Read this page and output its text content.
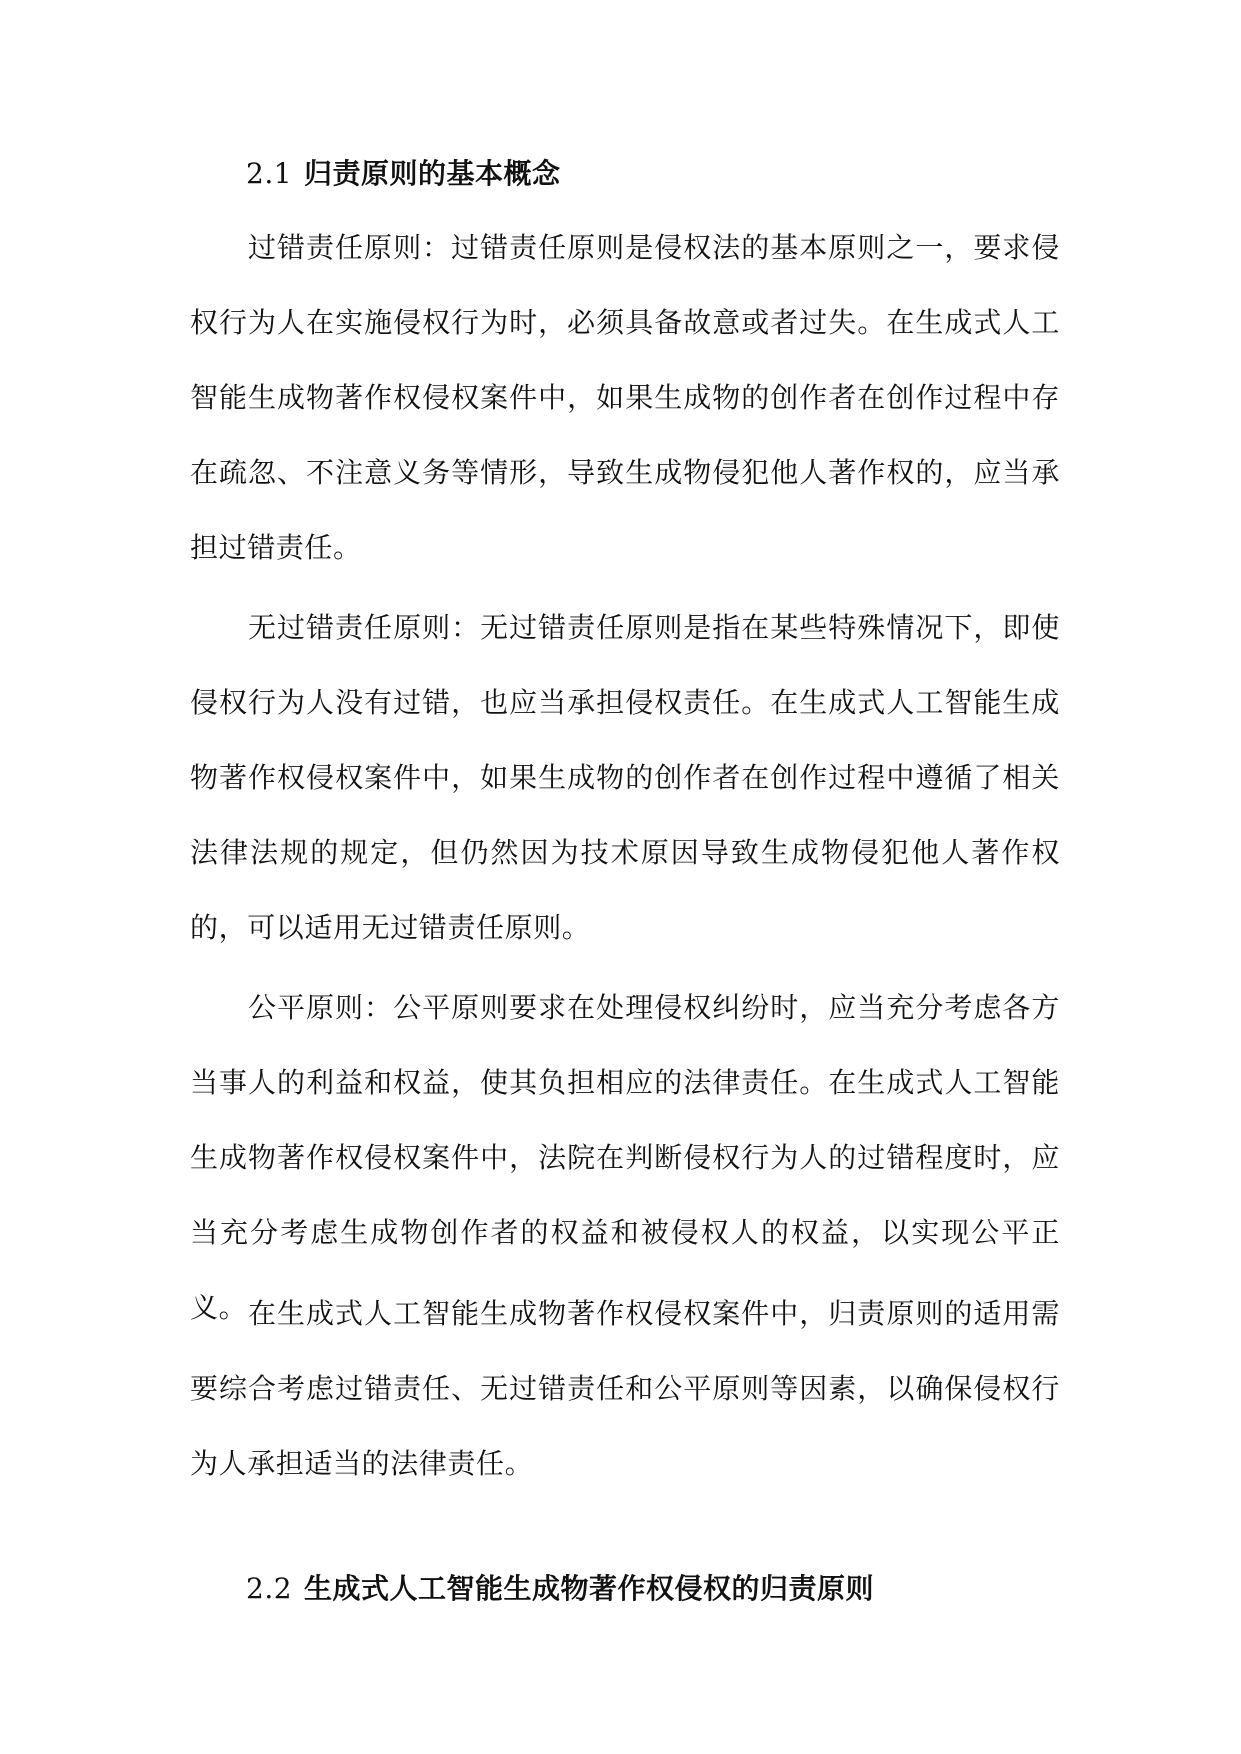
2.1 归责原则的基本概念

过错责任原则：过错责任原则是侵权法的基本原则之一，要求侵权行为人在实施侵权行为时，必须具备故意或者过失。在生成式人工智能生成物著作权侵权案件中，如果生成物的创作者在创作过程中存在疏忽、不注意义务等情形，导致生成物侵犯他人著作权的，应当承担过错责任。

无过错责任原则：无过错责任原则是指在某些特殊情况下，即使侵权行为人没有过错，也应当承担侵权责任。在生成式人工智能生成物著作权侵权案件中，如果生成物的创作者在创作过程中遵循了相关法律法规的规定，但仍然因为技术原因导致生成物侵犯他人著作权的，可以适用无过错责任原则。

公平原则：公平原则要求在处理侵权纠纷时，应当充分考虑各方当事人的利益和权益，使其负担相应的法律责任。在生成式人工智能生成物著作权侵权案件中，法院在判断侵权行为人的过错程度时，应当充分考虑生成物创作者的权益和被侵权人的权益，以实现公平正义。 在生成式人工智能生成物著作权侵权案件中，归责原则的适用需要综合考虑过错责任、无过错责任和公平原则等因素，以确保侵权行为人承担适当的法律责任。

2.2 生成式人工智能生成物著作权侵权的归责原则
